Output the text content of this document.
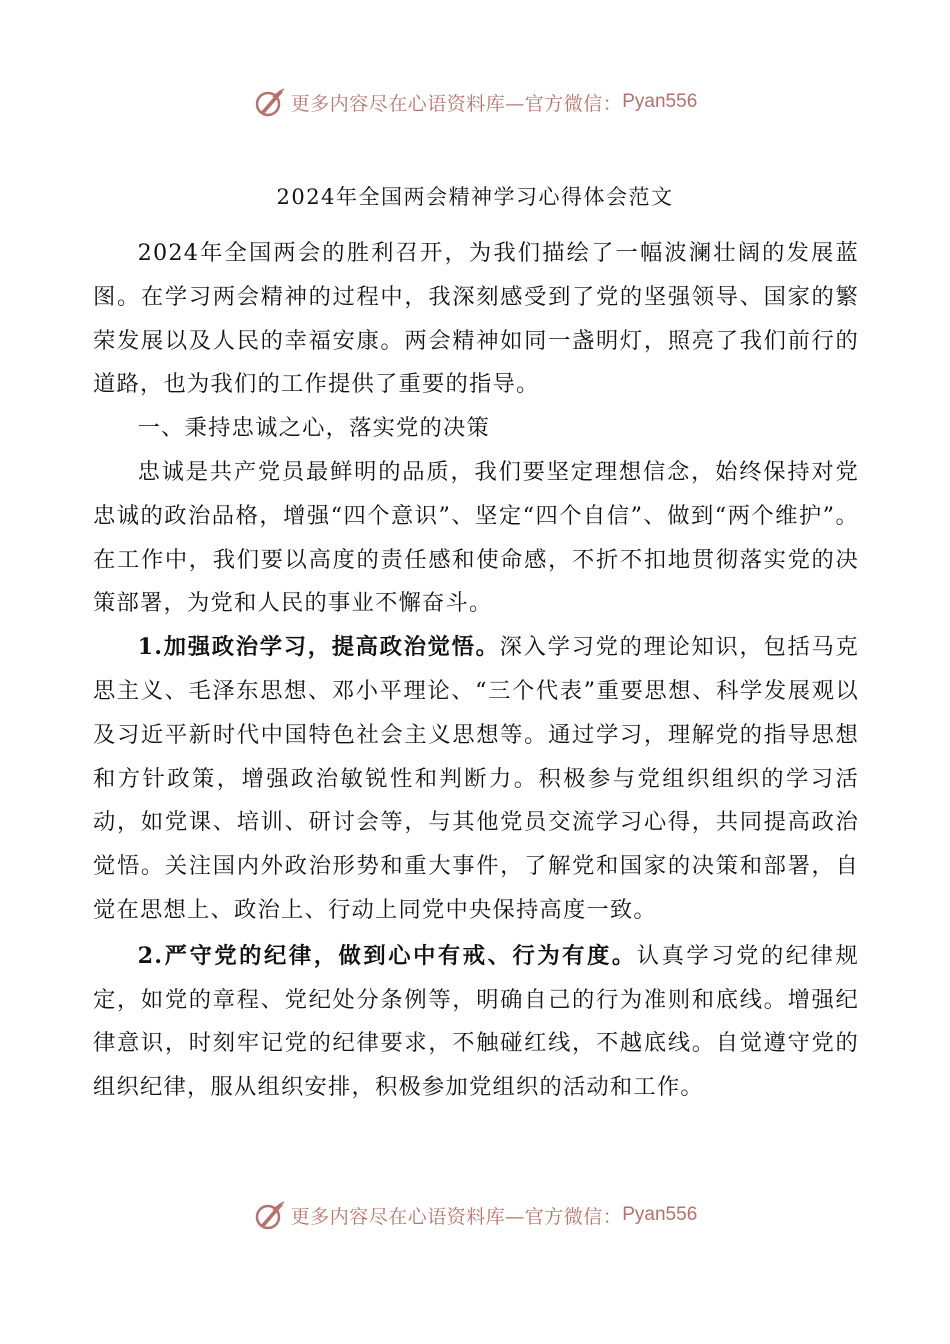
更多内容尽在心语资料库—官方微信： Pyan556
2024年全国两会精神学习心得体会范文

2024年全国两会的胜利召开，为我们描绘了一幅波澜壮阔的发展蓝图。在学习两会精神的过程中，我深刻感受到了党的坚强领导、国家的繁荣发展以及人民的幸福安康。两会精神如同一盏明灯，照亮了我们前行的道路，也为我们的工作提供了重要的指导。

一、秉持忠诚之心，落实党的决策

忠诚是共产党员最鲜明的品质，我们要坚定理想信念，始终保持对党忠诚的政治品格，增强“四个意识”、坚定“四个自信”、做到“两个维护”。在工作中，我们要以高度的责任感和使命感，不折不扣地贯彻落实党的决策部署，为党和人民的事业不懈奋斗。

1.加强政治学习，提高政治觉悟。深入学习党的理论知识，包括马克思主义、毛泽东思想、邓小平理论、“三个代表”重要思想、科学发展观以及习近平新时代中国特色社会主义思想等。通过学习，理解党的指导思想和方针政策，增强政治敏锐性和判断力。积极参与党组织组织的学习活动，如党课、培训、研讨会等，与其他党员交流学习心得，共同提高政治觉悟。关注国内外政治形势和重大事件，了解党和国家的决策和部署，自觉在思想上、政治上、行动上同党中央保持高度一致。

2.严守党的纪律，做到心中有戒、行为有度。认真学习党的纪律规定，如党的章程、党纪处分条例等，明确自己的行为准则和底线。增强纪律意识，时刻牢记党的纪律要求，不触碰红线，不越底线。自觉遵守党的组织纪律，服从组织安排，积极参加党组织的活动和工作。

更多内容尽在心语资料库—官方微信： Pyan556
